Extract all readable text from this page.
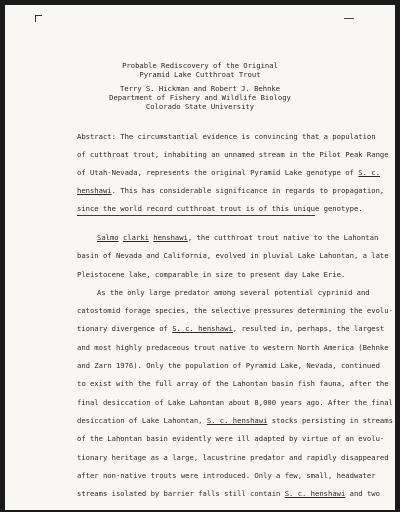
Probable Rediscovery of the Original
Pyramid Lake Cutthroat Trout
Terry S. Hickman and Robert J. Behnke
Department of Fishery and Wildlife Biology
Colorado State University
Abstract: The circumstantial evidence is convincing that a population
of cutthroat trout, inhabiting an unnamed stream in the Pilot Peak Range
of Utah-Nevada, represents the original Pyramid Lake genotype of S. c.
henshawi. This has considerable significance in regards to propagation,
since the world record cutthroat trout is of this unique genotype.
Salmo clarki henshawi, the cutthroat trout native to the Lahontan
basin of Nevada and California, evolved in pluvial Lake Lahontan, a late
Pleistocene lake, comparable in size to present day Lake Erie.
As the only large predator among several potential cyprinid and
catostomid forage species, the selective pressures determining the evolu-
tionary divergence of S. c. henshawi, resulted in, perhaps, the largest
and most highly predaceous trout native to western North America (Behnke
and Zarn 1976). Only the population of Pyramid Lake, Nevada, continued
to exist with the full array of the Lahontan basin fish fauna, after the
final desiccation of Lake Lahontan about 8,000 years ago. After the final
desiccation of Lake Lahontan, S. c. henshawi stocks persisting in streams
of the Lahontan basin evidently were ill adapted by virtue of an evolu-
tionary heritage as a large, lacustrine predator and rapidly disappeared
after non-native trouts were introduced. Only a few, small, headwater
streams isolated by barrier falls still contain S. c. henshawi and two
